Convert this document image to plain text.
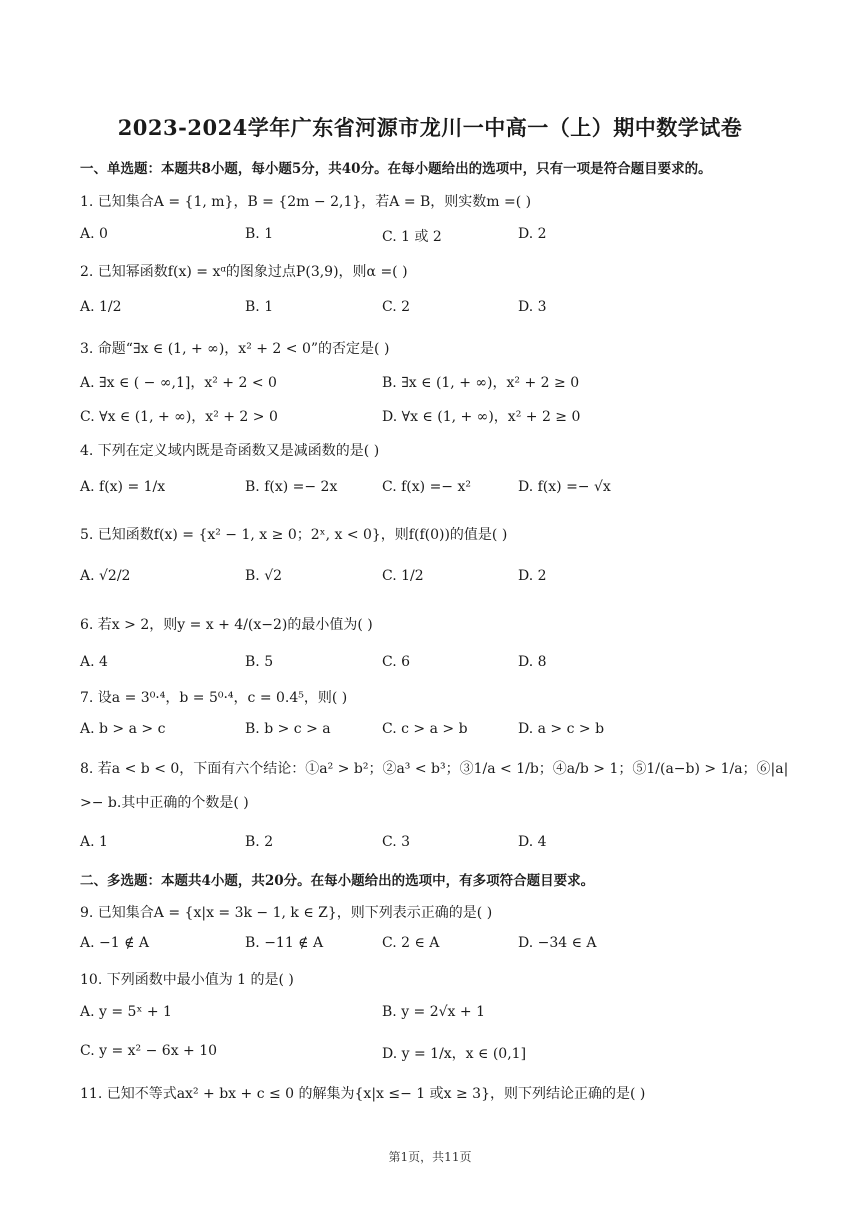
2023-2024学年广东省河源市龙川一中高一（上）期中数学试卷
一、单选题：本题共8小题，每小题5分，共40分。在每小题给出的选项中，只有一项是符合题目要求的。
1. 已知集合A = {1, m}，B = {2m − 2,1}，若A = B，则实数m =( )
A. 0	B. 1	C. 1 或 2	D. 2
2. 已知幂函数f(x) = xᵅ的图象过点P(3,9)，则α =( )
A. 1/2	B. 1	C. 2	D. 3
3. 命题“∃x ∈ (1, + ∞)，x² + 2 < 0”的否定是( )
A. ∃x ∈ ( − ∞,1]，x² + 2 < 0	B. ∃x ∈ (1, + ∞)，x² + 2 ≥ 0
C. ∀x ∈ (1, + ∞)，x² + 2 > 0	D. ∀x ∈ (1, + ∞)，x² + 2 ≥ 0
4. 下列在定义域内既是奇函数又是减函数的是( )
A. f(x) = 1/x	B. f(x) =− 2x	C. f(x) =− x²	D. f(x) =− √x
5. 已知函数f(x) = {x² − 1, x ≥ 0；2ˣ, x < 0}，则f(f(0))的值是( )
A. √2/2	B. √2	C. 1/2	D. 2
6. 若x > 2，则y = x + 4/(x−2)的最小值为( )
A. 4	B. 5	C. 6	D. 8
7. 设a = 3⁰·⁴，b = 5⁰·⁴，c = 0.4⁵，则( )
A. b > a > c	B. b > c > a	C. c > a > b	D. a > c > b
8. 若a < b < 0，下面有六个结论：①a² > b²；②a³ < b³；③1/a < 1/b；④a/b > 1；⑤1/(a−b) > 1/a；⑥|a| >− b.其中正确的个数是( )
A. 1	B. 2	C. 3	D. 4
二、多选题：本题共4小题，共20分。在每小题给出的选项中，有多项符合题目要求。
9. 已知集合A = {x|x = 3k − 1, k ∈ Z}，则下列表示正确的是( )
A. −1 ∉ A	B. −11 ∉ A	C. 2 ∈ A	D. −34 ∈ A
10. 下列函数中最小值为 1 的是( )
A. y = 5ˣ + 1	B. y = 2√x + 1
C. y = x² − 6x + 10	D. y = 1/x，x ∈ (0,1]
11. 已知不等式ax² + bx + c ≤ 0 的解集为{x|x ≤− 1 或x ≥ 3}，则下列结论正确的是( )
第1页，共11页
